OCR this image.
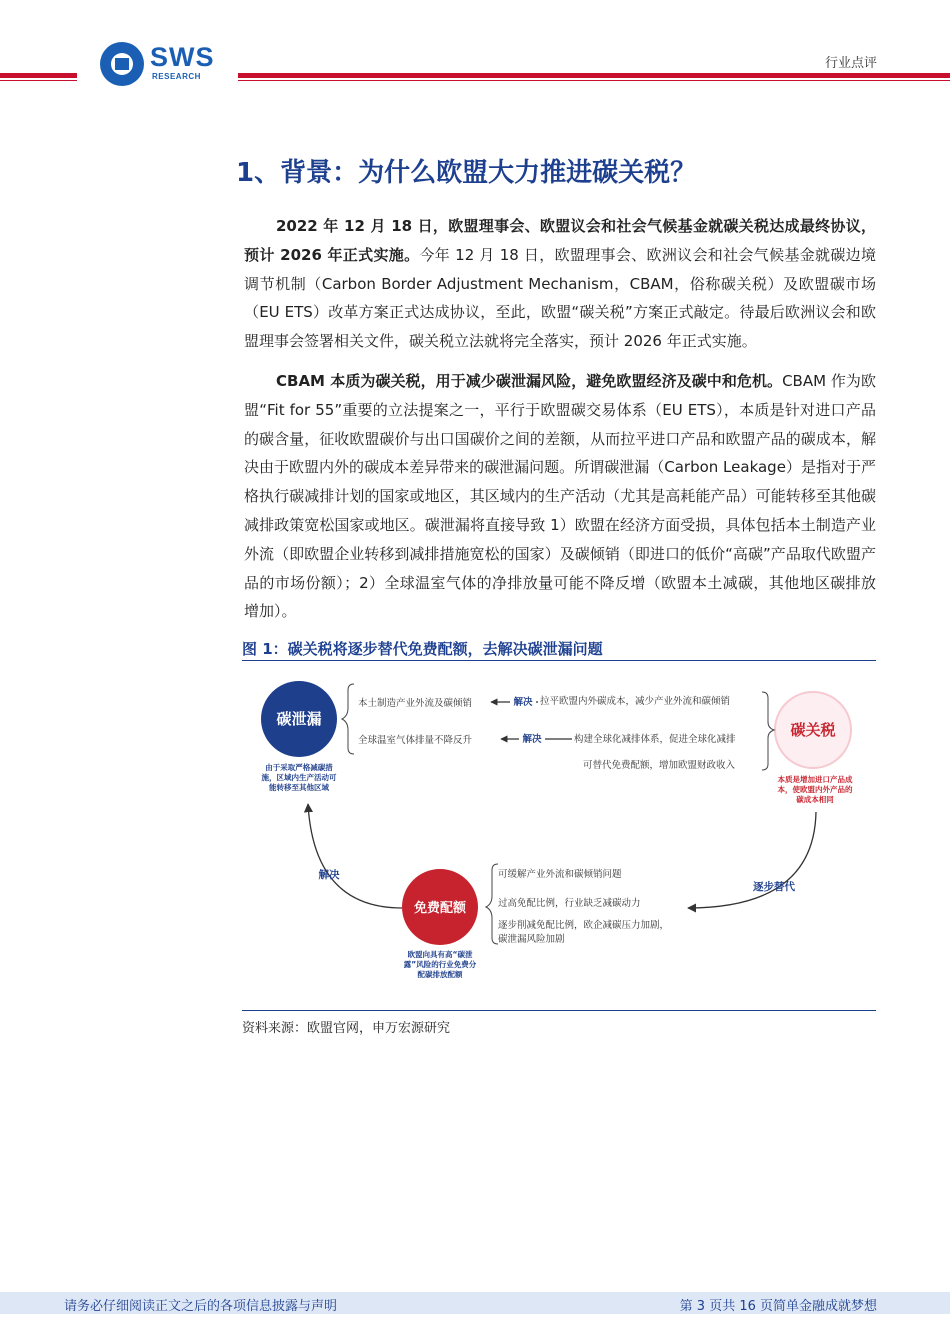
SWS
RESEARCH
行业点评
1、背景：为什么欧盟大力推进碳关税？
2022 年 12 月 18 日，欧盟理事会、欧盟议会和社会气候基金就碳关税达成最终协议，预计 2026 年正式实施。今年 12 月 18 日，欧盟理事会、欧洲议会和社会气候基金就碳边境调节机制（Carbon Border Adjustment Mechanism，CBAM，俗称碳关税）及欧盟碳市场（EU ETS）改革方案正式达成协议，至此，欧盟“碳关税”方案正式敲定。待最后欧洲议会和欧盟理事会签署相关文件，碳关税立法就将完全落实，预计 2026 年正式实施。
CBAM 本质为碳关税，用于减少碳泄漏风险，避免欧盟经济及碳中和危机。CBAM 作为欧盟“Fit for 55”重要的立法提案之一，平行于欧盟碳交易体系（EU ETS），本质是针对进口产品的碳含量，征收欧盟碳价与出口国碳价之间的差额，从而拉平进口产品和欧盟产品的碳成本，解决由于欧盟内外的碳成本差异带来的碳泄漏问题。所谓碳泄漏（Carbon Leakage）是指对于严格执行碳减排计划的国家或地区，其区域内的生产活动（尤其是高耗能产品）可能转移至其他碳减排政策宽松国家或地区。碳泄漏将直接导致 1）欧盟在经济方面受损，具体包括本土制造产业外流（即欧盟企业转移到减排措施宽松的国家）及碳倾销（即进口的低价“高碳”产品取代欧盟产品的市场份额）；2）全球温室气体的净排放量可能不降反增（欧盟本土减碳，其他地区碳排放增加）。
图 1：碳关税将逐步替代免费配额，去解决碳泄漏问题
碳泄漏
由于采取严格减碳措
施，区域内生产活动可
能转移至其他区域
碳关税
本质是增加进口产品成
本，使欧盟内外产品的
碳成本相同
免费配额
欧盟向具有高“碳泄
露”风险的行业免费分
配碳排放配额
本土制造产业外流及碳倾销
全球温室气体排量不降反升
解决
解决
拉平欧盟内外碳成本，减少产业外流和碳倾销
构建全球化减排体系，促进全球化减排
可替代免费配额，增加欧盟财政收入
可缓解产业外流和碳倾销问题
过高免配比例，行业缺乏减碳动力
逐步削减免配比例，欧企减碳压力加剧，
碳泄漏风险加剧
解决
逐步替代
资料来源：欧盟官网，申万宏源研究
请务必仔细阅读正文之后的各项信息披露与声明	第 3 页共 16 页简单金融成就梦想
